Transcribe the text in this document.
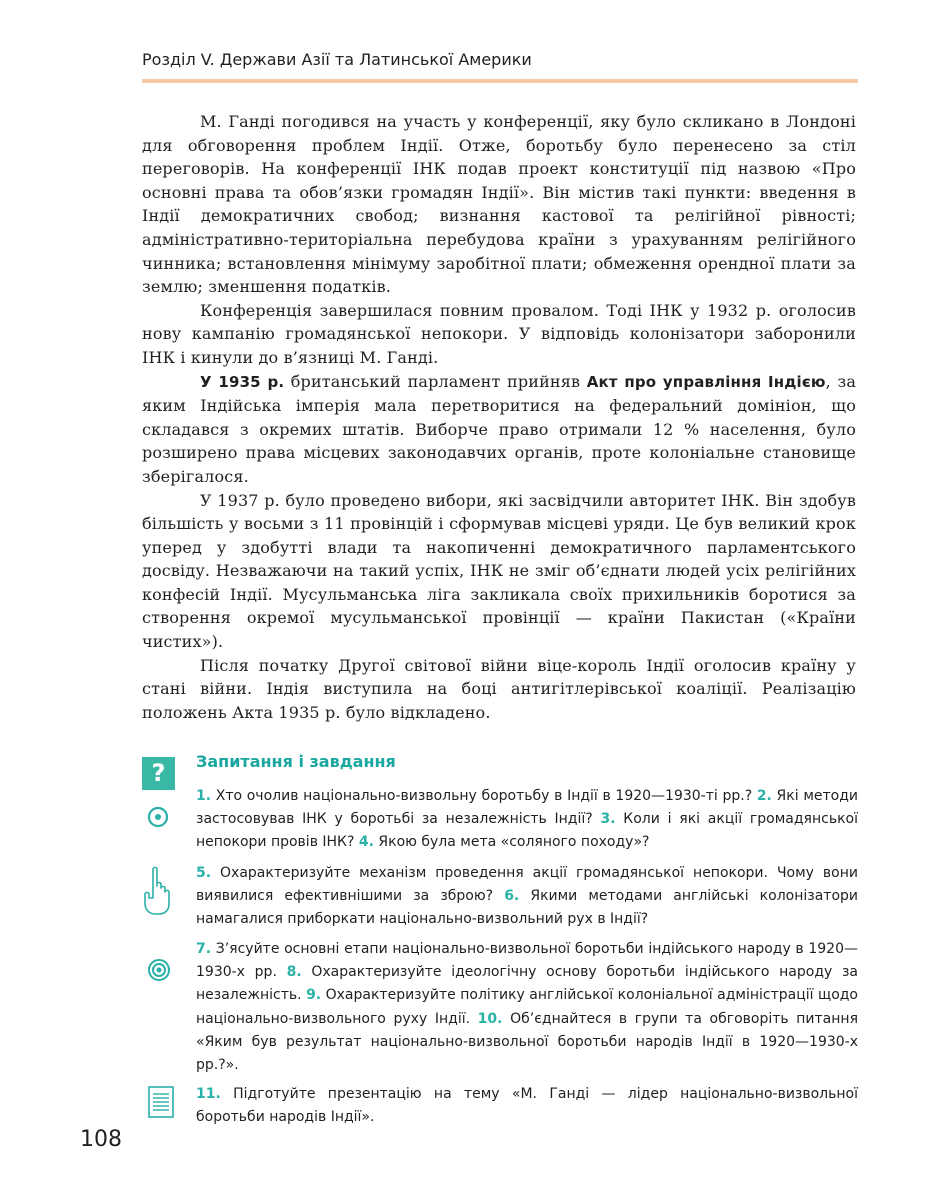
Розділ V. Держави Азії та Латинської Америки

М. Ганді погодився на участь у конференції, яку було скликано в Лондоні для обговорення проблем Індії. Отже, боротьбу було перенесено за стіл переговорів. На конференції ІНК подав проект конституції під назвою «Про основні права та обов’язки громадян Індії». Він містив такі пункти: введення в Індії демократичних свобод; визнання кастової та релігійної рівності; адміністративно-територіальна перебудова країни з урахуванням релігійного чинника; встановлення мінімуму заробітної плати; обмеження орендної плати за землю; зменшення податків.

Конференція завершилася повним провалом. Тоді ІНК у 1932 р. оголосив нову кампанію громадянської непокори. У відповідь колонізатори заборонили ІНК і кинули до в’язниці М. Ганді.

У 1935 р. британський парламент прийняв Акт про управління Індією, за яким Індійська імперія мала перетворитися на федеральний домініон, що складався з окремих штатів. Виборче право отримали 12 % населення, було розширено права місцевих законодавчих органів, проте колоніальне становище зберігалося.

У 1937 р. було проведено вибори, які засвідчили авторитет ІНК. Він здобув більшість у восьми з 11 провінцій і сформував місцеві уряди. Це був великий крок уперед у здобутті влади та накопиченні демократичного парламентського досвіду. Незважаючи на такий успіх, ІНК не зміг об’єднати людей усіх релігійних конфесій Індії. Мусульманська ліга закликала своїх прихильників боротися за створення окремої мусульманської провінції — країни Пакистан («Країни чистих»).

Після початку Другої світової війни віце-король Індії оголосив країну у стані війни. Індія виступила на боці антигітлерівської коаліції. Реалізацію положень Акта 1935 р. було відкладено.

?	Запитання і завдання
1. Хто очолив національно-визвольну боротьбу в Індії в 1920—1930-ті рр.? 2. Які методи застосовував ІНК у боротьбі за незалежність Індії? 3. Коли і які акції громадянської непокори провів ІНК? 4. Якою була мета «соляного походу»?
5. Охарактеризуйте механізм проведення акції громадянської непокори. Чому вони виявилися ефективнішими за зброю? 6. Якими методами англійські колонізатори намагалися приборкати національно-визвольний рух в Індії?
7. З’ясуйте основні етапи національно-визвольної боротьби індійського народу в 1920—1930-х рр. 8. Охарактеризуйте ідеологічну основу боротьби індійського народу за незалежність. 9. Охарактеризуйте політику англійської колоніальної адміністрації щодо національно-визвольного руху Індії. 10. Об’єднайтеся в групи та обговоріть питання «Яким був результат національно-визвольної боротьби народів Індії в 1920—1930-х рр.?».
11. Підготуйте презентацію на тему «М. Ганді — лідер національно-визвольної боротьби народів Індії».
108
